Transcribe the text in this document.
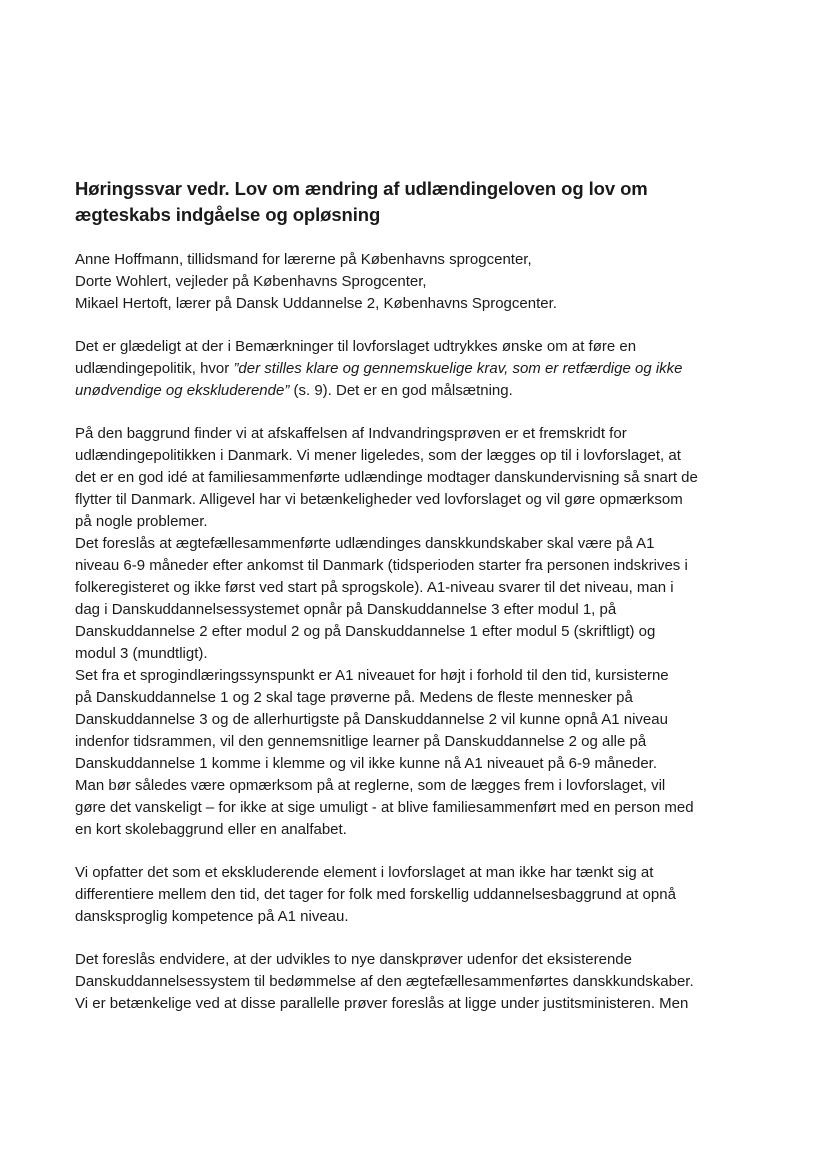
Høringssvar vedr. Lov om ændring af udlændingeloven og lov om
ægteskabs indgåelse og opløsning
Anne Hoffmann, tillidsmand for lærerne på Københavns sprogcenter,
Dorte Wohlert, vejleder på Københavns Sprogcenter,
Mikael Hertoft, lærer på Dansk Uddannelse 2, Københavns Sprogcenter.
Det er glædeligt at der i Bemærkninger til lovforslaget udtrykkes ønske om at føre en
udlændingepolitik, hvor ”der stilles klare og gennemskuelige krav, som er retfærdige og ikke
unødvendige og ekskluderende” (s. 9). Det er en god målsætning.
På den baggrund finder vi at afskaffelsen af Indvandringsprøven er et fremskridt for
udlændingepolitikken i Danmark. Vi mener ligeledes, som der lægges op til i lovforslaget, at
det er en god idé at familiesammenførte udlændinge modtager danskundervisning så snart de
flytter til Danmark. Alligevel har vi betænkeligheder ved lovforslaget og vil gøre opmærksom
på nogle problemer.
Det foreslås at ægtefællesammenførte udlændinges danskkundskaber skal være på A1
niveau 6-9 måneder efter ankomst til Danmark (tidsperioden starter fra personen indskrives i
folkeregisteret og ikke først ved start på sprogskole). A1-niveau svarer til det niveau, man i
dag i Danskuddannelsessystemet opnår på Danskuddannelse 3 efter modul 1, på
Danskuddannelse 2 efter modul 2 og på Danskuddannelse 1 efter modul 5 (skriftligt) og
modul 3 (mundtligt).
Set fra et sprogindlæringssynspunkt er A1 niveauet for højt i forhold til den tid, kursisterne
på Danskuddannelse 1 og 2 skal tage prøverne på. Medens de fleste mennesker på
Danskuddannelse 3 og de allerhurtigste på Danskuddannelse 2 vil kunne opnå A1 niveau
indenfor tidsrammen, vil den gennemsnitlige learner på Danskuddannelse 2 og alle på
Danskuddannelse 1 komme i klemme og vil ikke kunne nå A1 niveauet på 6-9 måneder.
Man bør således være opmærksom på at reglerne, som de lægges frem i lovforslaget, vil
gøre det vanskeligt – for ikke at sige umuligt - at blive familiesammenført med en person med
en kort skolebaggrund eller en analfabet.
Vi opfatter det som et ekskluderende element i lovforslaget at man ikke har tænkt sig at
differentiere mellem den tid, det tager for folk med forskellig uddannelsesbaggrund at opnå
dansksproglig kompetence på A1 niveau.
Det foreslås endvidere, at der udvikles to nye danskprøver udenfor det eksisterende
Danskuddannelsessystem til bedømmelse af den ægtefællesammenførtes danskkundskaber.
Vi er betænkelige ved at disse parallelle prøver foreslås at ligge under justitsministeren. Men
